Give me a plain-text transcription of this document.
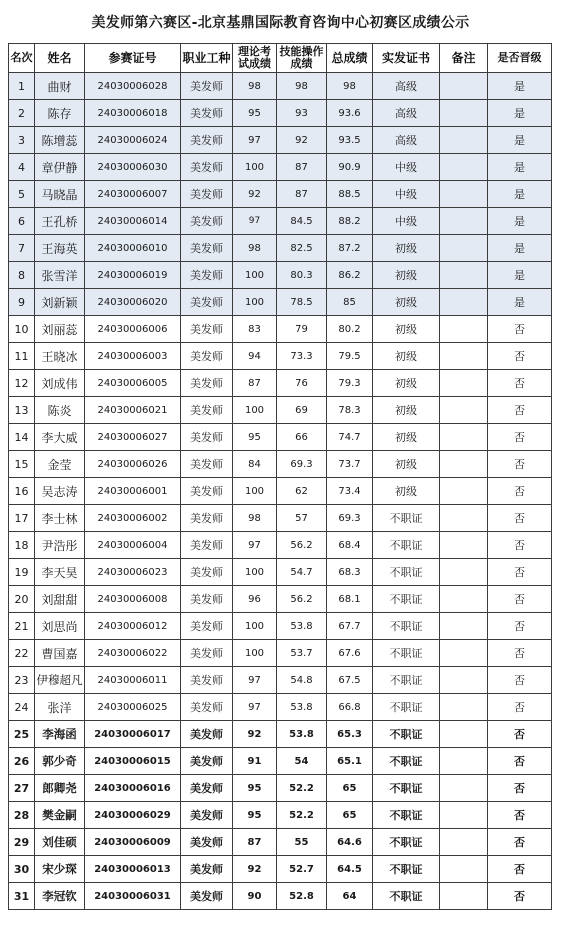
美发师第六赛区-北京基鼎国际教育咨询中心初赛区成绩公示
名次	姓名	参赛证号	职业工种	理论考试成绩	技能操作成绩	总成绩	实发证书	备注	是否晋级
1	曲财	24030006028	美发师	98	98	98	高级		是
2	陈存	24030006018	美发师	95	93	93.6	高级		是
3	陈增蕊	24030006024	美发师	97	92	93.5	高级		是
4	章伊静	24030006030	美发师	100	87	90.9	中级		是
5	马晓晶	24030006007	美发师	92	87	88.5	中级		是
6	王孔桥	24030006014	美发师	97	84.5	88.2	中级		是
7	王海英	24030006010	美发师	98	82.5	87.2	初级		是
8	张雪洋	24030006019	美发师	100	80.3	86.2	初级		是
9	刘新颖	24030006020	美发师	100	78.5	85	初级		是
10	刘丽蕊	24030006006	美发师	83	79	80.2	初级		否
11	王晓冰	24030006003	美发师	94	73.3	79.5	初级		否
12	刘成伟	24030006005	美发师	87	76	79.3	初级		否
13	陈炎	24030006021	美发师	100	69	78.3	初级		否
14	李大威	24030006027	美发师	95	66	74.7	初级		否
15	金莹	24030006026	美发师	84	69.3	73.7	初级		否
16	吴志涛	24030006001	美发师	100	62	73.4	初级		否
17	李士林	24030006002	美发师	98	57	69.3	不职证		否
18	尹浩彤	24030006004	美发师	97	56.2	68.4	不职证		否
19	李天昊	24030006023	美发师	100	54.7	68.3	不职证		否
20	刘甜甜	24030006008	美发师	96	56.2	68.1	不职证		否
21	刘思尚	24030006012	美发师	100	53.8	67.7	不职证		否
22	曹国嘉	24030006022	美发师	100	53.7	67.6	不职证		否
23	伊穆超凡	24030006011	美发师	97	54.8	67.5	不职证		否
24	张洋	24030006025	美发师	97	53.8	66.8	不职证		否
25	李海函	24030006017	美发师	92	53.8	65.3	不职证		否
26	郭少奇	24030006015	美发师	91	54	65.1	不职证		否
27	郎卿尧	24030006016	美发师	95	52.2	65	不职证		否
28	樊金嗣	24030006029	美发师	95	52.2	65	不职证		否
29	刘佳硕	24030006009	美发师	87	55	64.6	不职证		否
30	宋少琛	24030006013	美发师	92	52.7	64.5	不职证		否
31	李冠钦	24030006031	美发师	90	52.8	64	不职证		否
